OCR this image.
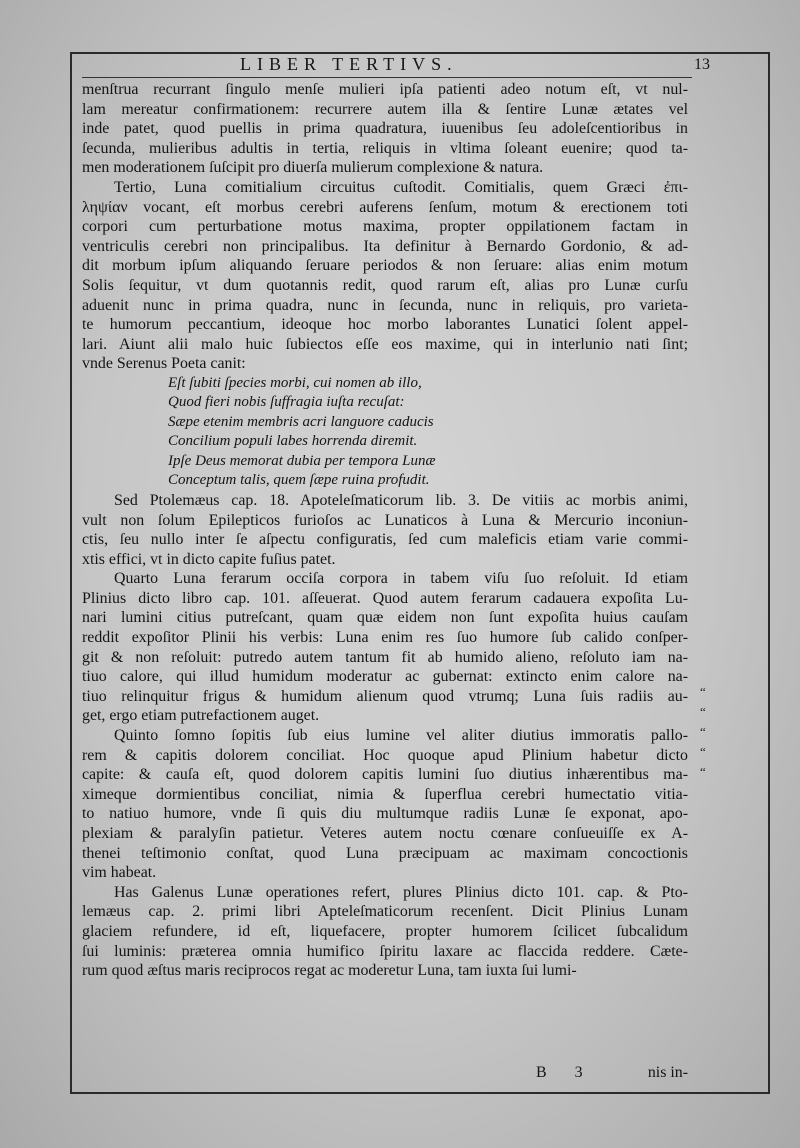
LIBER TERTIVS.	13
menſtrua recurrant ſingulo menſe mulieri ipſa patienti adeo notum eſt, vt nul-
lam mereatur confirmationem: recurrere autem illa & ſentire Lunæ ætates vel
inde patet, quod puellis in prima quadratura, iuuenibus ſeu adoleſcentioribus in
ſecunda, mulieribus adultis in tertia, reliquis in vltima ſoleant euenire; quod ta-
men moderationem ſuſcipit pro diuerſa mulierum complexione & natura.
Tertio, Luna comitialium circuitus cuſtodit. Comitialis, quem Græci ἐπι-
ληψίαν vocant, eſt morbus cerebri auferens ſenſum, motum & erectionem toti
corpori cum perturbatione motus maxima, propter oppilationem factam in
ventriculis cerebri non principalibus. Ita definitur à Bernardo Gordonio, & ad-
dit morbum ipſum aliquando ſeruare periodos & non ſeruare: alias enim motum
Solis ſequitur, vt dum quotannis redit, quod rarum eſt, alias pro Lunæ curſu
aduenit nunc in prima quadra, nunc in ſecunda, nunc in reliquis, pro varieta-
te humorum peccantium, ideoque hoc morbo laborantes Lunatici ſolent appel-
lari. Aiunt alii malo huic ſubiectos eſſe eos maxime, qui in interlunio nati ſint;
vnde Serenus Poeta canit:
Eſt ſubiti ſpecies morbi, cui nomen ab illo,
Quod fieri nobis ſuffragia iuſta recuſat:
Sæpe etenim membris acri languore caducis
Concilium populi labes horrenda diremit.
Ipſe Deus memorat dubia per tempora Lunæ
Conceptum talis, quem ſæpe ruina profudit.
Sed Ptolemæus cap. 18. Apoteleſmaticorum lib. 3. De vitiis ac morbis animi,
vult non ſolum Epilepticos furioſos ac Lunaticos à Luna & Mercurio inconiun-
ctis, ſeu nullo inter ſe aſpectu configuratis, ſed cum maleficis etiam varie commi-
xtis effici, vt in dicto capite fuſius patet.
Quarto Luna ferarum occiſa corpora in tabem viſu ſuo reſoluit. Id etiam
Plinius dicto libro cap. 101. aſſeuerat. Quod autem ferarum cadauera expoſita Lu-
nari lumini citius putreſcant, quam quæ eidem non ſunt expoſita huius cauſam
reddit expoſitor Plinii his verbis: Luna enim res ſuo humore ſub calido conſper-
git & non reſoluit: putredo autem tantum fit ab humido alieno, reſoluto iam na-
tiuo calore, qui illud humidum moderatur ac gubernat: extincto enim calore na-
tiuo relinquitur frigus & humidum alienum quod vtrumq; Luna ſuis radiis au-
get, ergo etiam putrefactionem auget.
Quinto ſomno ſopitis ſub eius lumine vel aliter diutius immoratis pallo-
rem & capitis dolorem conciliat. Hoc quoque apud Plinium habetur dicto
capite: & cauſa eſt, quod dolorem capitis lumini ſuo diutius inhærentibus ma-
ximeque dormientibus conciliat, nimia & ſuperflua cerebri humectatio vitia-
to natiuo humore, vnde ſi quis diu multumque radiis Lunæ ſe exponat, apo-
plexiam & paralyſin patietur. Veteres autem noctu cœnare conſueuiſſe ex A-
thenei teſtimonio conſtat, quod Luna præcipuam ac maximam concoctionis
vim habeat.
Has Galenus Lunæ operationes refert, plures Plinius dicto 101. cap. & Pto-
lemæus cap. 2. primi libri Apteleſmaticorum recenſent. Dicit Plinius Lunam
glaciem refundere, id eſt, liquefacere, propter humorem ſcilicet ſubcalidum
ſui luminis: præterea omnia humifico ſpiritu laxare ac flaccida reddere. Cæte-
rum quod æſtus maris reciprocos regat ac moderetur Luna, tam iuxta ſui lumi-
“
“
“
“
“
B 3	nis in-
